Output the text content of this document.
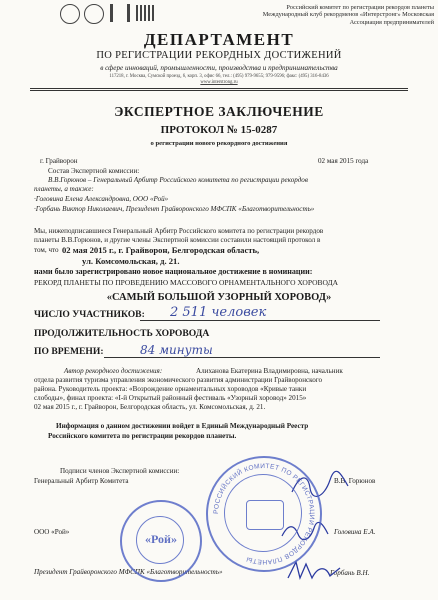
Российский комитет по регистрации рекордов планеты
Международный клуб рекордменов «Интерстронг» Московская
Ассоциация предпринимателей
ДЕПАРТАМЕНТ
ПО РЕГИСТРАЦИИ РЕКОРДНЫХ ДОСТИЖЕНИЙ
в сфере инноваций, промышленности, производства и предпринимательства
117218, г. Москва, Сумской проезд, 6, корп. 3, офис 66, тел.: (495) 979-9655; 979-9596; факс: (495) 316-8436
www.interstrong.ru
ЭКСПЕРТНОЕ ЗАКЛЮЧЕНИЕ
ПРОТОКОЛ № 15-0287
о регистрации нового рекордного достижения
г. Грайворон	02 мая 2015 года
Состав Экспертной комиссии:
В.В.Горюнов – Генеральный Арбитр Российского комитета по регистрации рекордов
планеты, а также:
·Головина Елена Александровна, ООО «Рой»
·Горбань Виктор Николаевич, Президент Грайворонского МФСПК «Благотворительность»
Мы, нижеподписавшиеся Генеральный Арбитр Российского комитета по регистрации рекордов
планеты В.В.Горюнов, и другие члены Экспертной комиссии составили настоящий протокол в
том, что 02 мая 2015 г., г. Грайворон, Белгородская область,
ул. Комсомольская, д. 21.
нами было зарегистрировано новое национальное достижение в номинации:
РЕКОРД ПЛАНЕТЫ ПО ПРОВЕДЕНИЮ МАССОВОГО ОРНАМЕНТАЛЬНОГО ХОРОВОДА
«САМЫЙ БОЛЬШОЙ УЗОРНЫЙ ХОРОВОД»
ЧИСЛО УЧАСТНИКОВ: 2 511 человек
ПРОДОЛЖИТЕЛЬНОСТЬ ХОРОВОДА
ПО ВРЕМЕНИ:	84 минуты
Автор рекордного достижения:	Алиханова Екатерина Владимировна, начальник
отдела развития туризма управления экономического развития администрации Грайворонского
района. Руководитель проекта: «Возрождение орнаментальных хороводов «Кривые танки
слободы», финал проекта: «I-й Открытый районный фестиваль «Узорный хоровод» 2015»
02 мая 2015 г., г. Грайворон, Белгородская область, ул. Комсомольская, д. 21.
Информация о данном достижении войдет в Единый Международный Реестр
Российского комитета по регистрации рекордов планеты.
Подписи членов Экспертной комиссии:
Генеральный Арбитр Комитета	В.В. Горюнов
ООО «Рой»	Головина Е.А.
Президент Грайворонского МФСПК «Благотворительность»	Горбань В.Н.
«Рой»
РОССИЙСКИЙ КОМИТЕТ ПО РЕГИСТРАЦИИ РЕКОРДОВ ПЛАНЕТЫ
